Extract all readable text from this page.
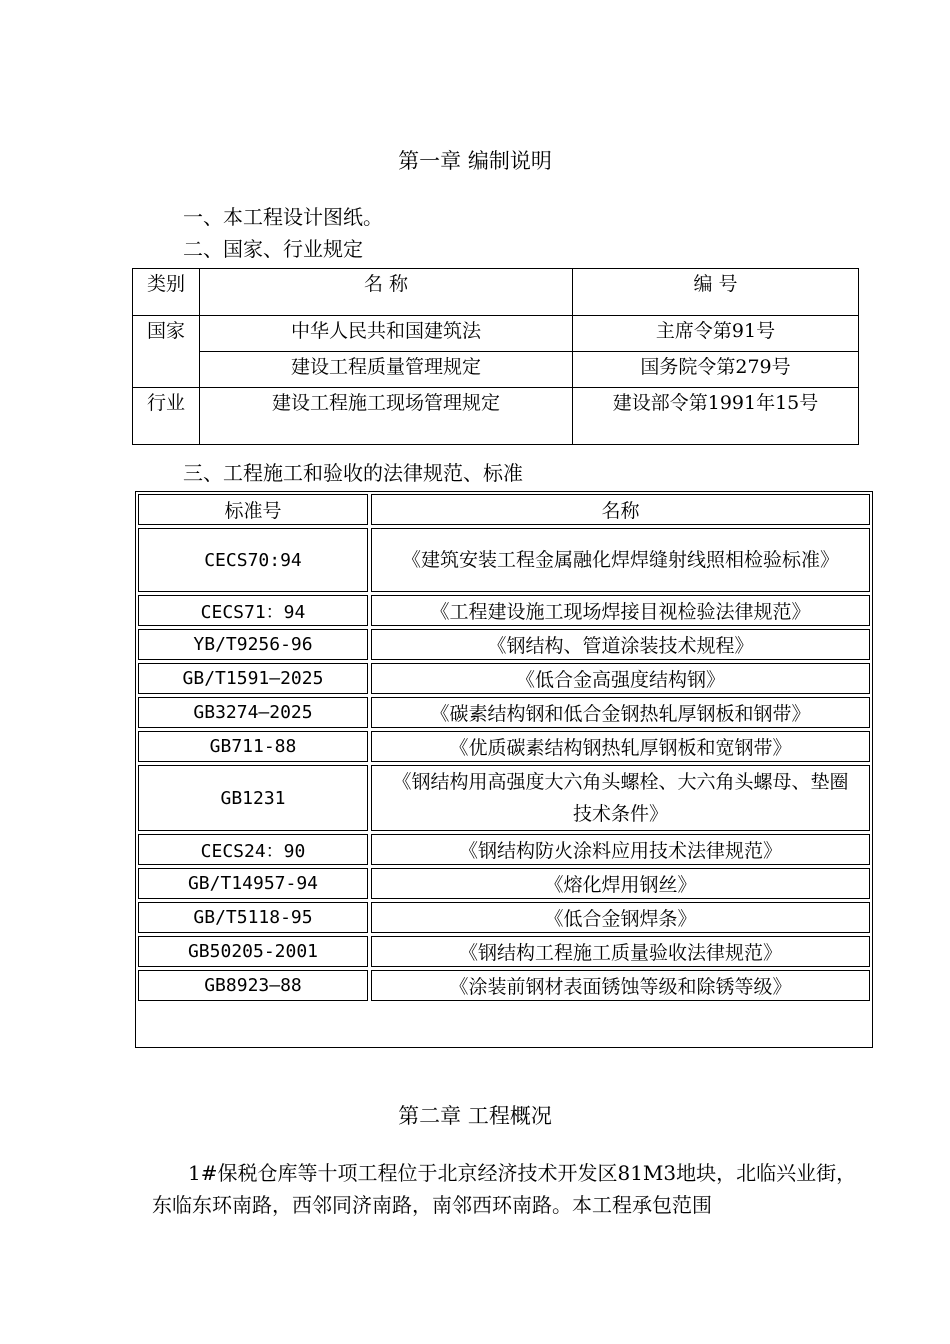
第一章 编制说明
一、本工程设计图纸。
二、国家、行业规定
类别	名 称	编 号
国家	中华人民共和国建筑法	主席令第91号
	建设工程质量管理规定	国务院令第279号
行业	建设工程施工现场管理规定	建设部令第1991年15号
三、工程施工和验收的法律规范、标准
标准号	名称
CECS70:94	《建筑安装工程金属融化焊焊缝射线照相检验标准》
CECS71：94	《工程建设施工现场焊接目视检验法律规范》
YB/T9256-96	《钢结构、管道涂装技术规程》
GB/T1591—2025	《低合金高强度结构钢》
GB3274—2025	《碳素结构钢和低合金钢热轧厚钢板和钢带》
GB711-88	《优质碳素结构钢热轧厚钢板和宽钢带》
GB1231	《钢结构用高强度大六角头螺栓、大六角头螺母、垫圈技术条件》
CECS24：90	《钢结构防火涂料应用技术法律规范》
GB/T14957-94	《熔化焊用钢丝》
GB/T5118-95	《低合金钢焊条》
GB50205-2001	《钢结构工程施工质量验收法律规范》
GB8923—88	《涂装前钢材表面锈蚀等级和除锈等级》
第二章 工程概况
1#保税仓库等十项工程位于北京经济技术开发区81M3地块，北临兴业街，东临东环南路，西邻同济南路，南邻西环南路。本工程承包范围
